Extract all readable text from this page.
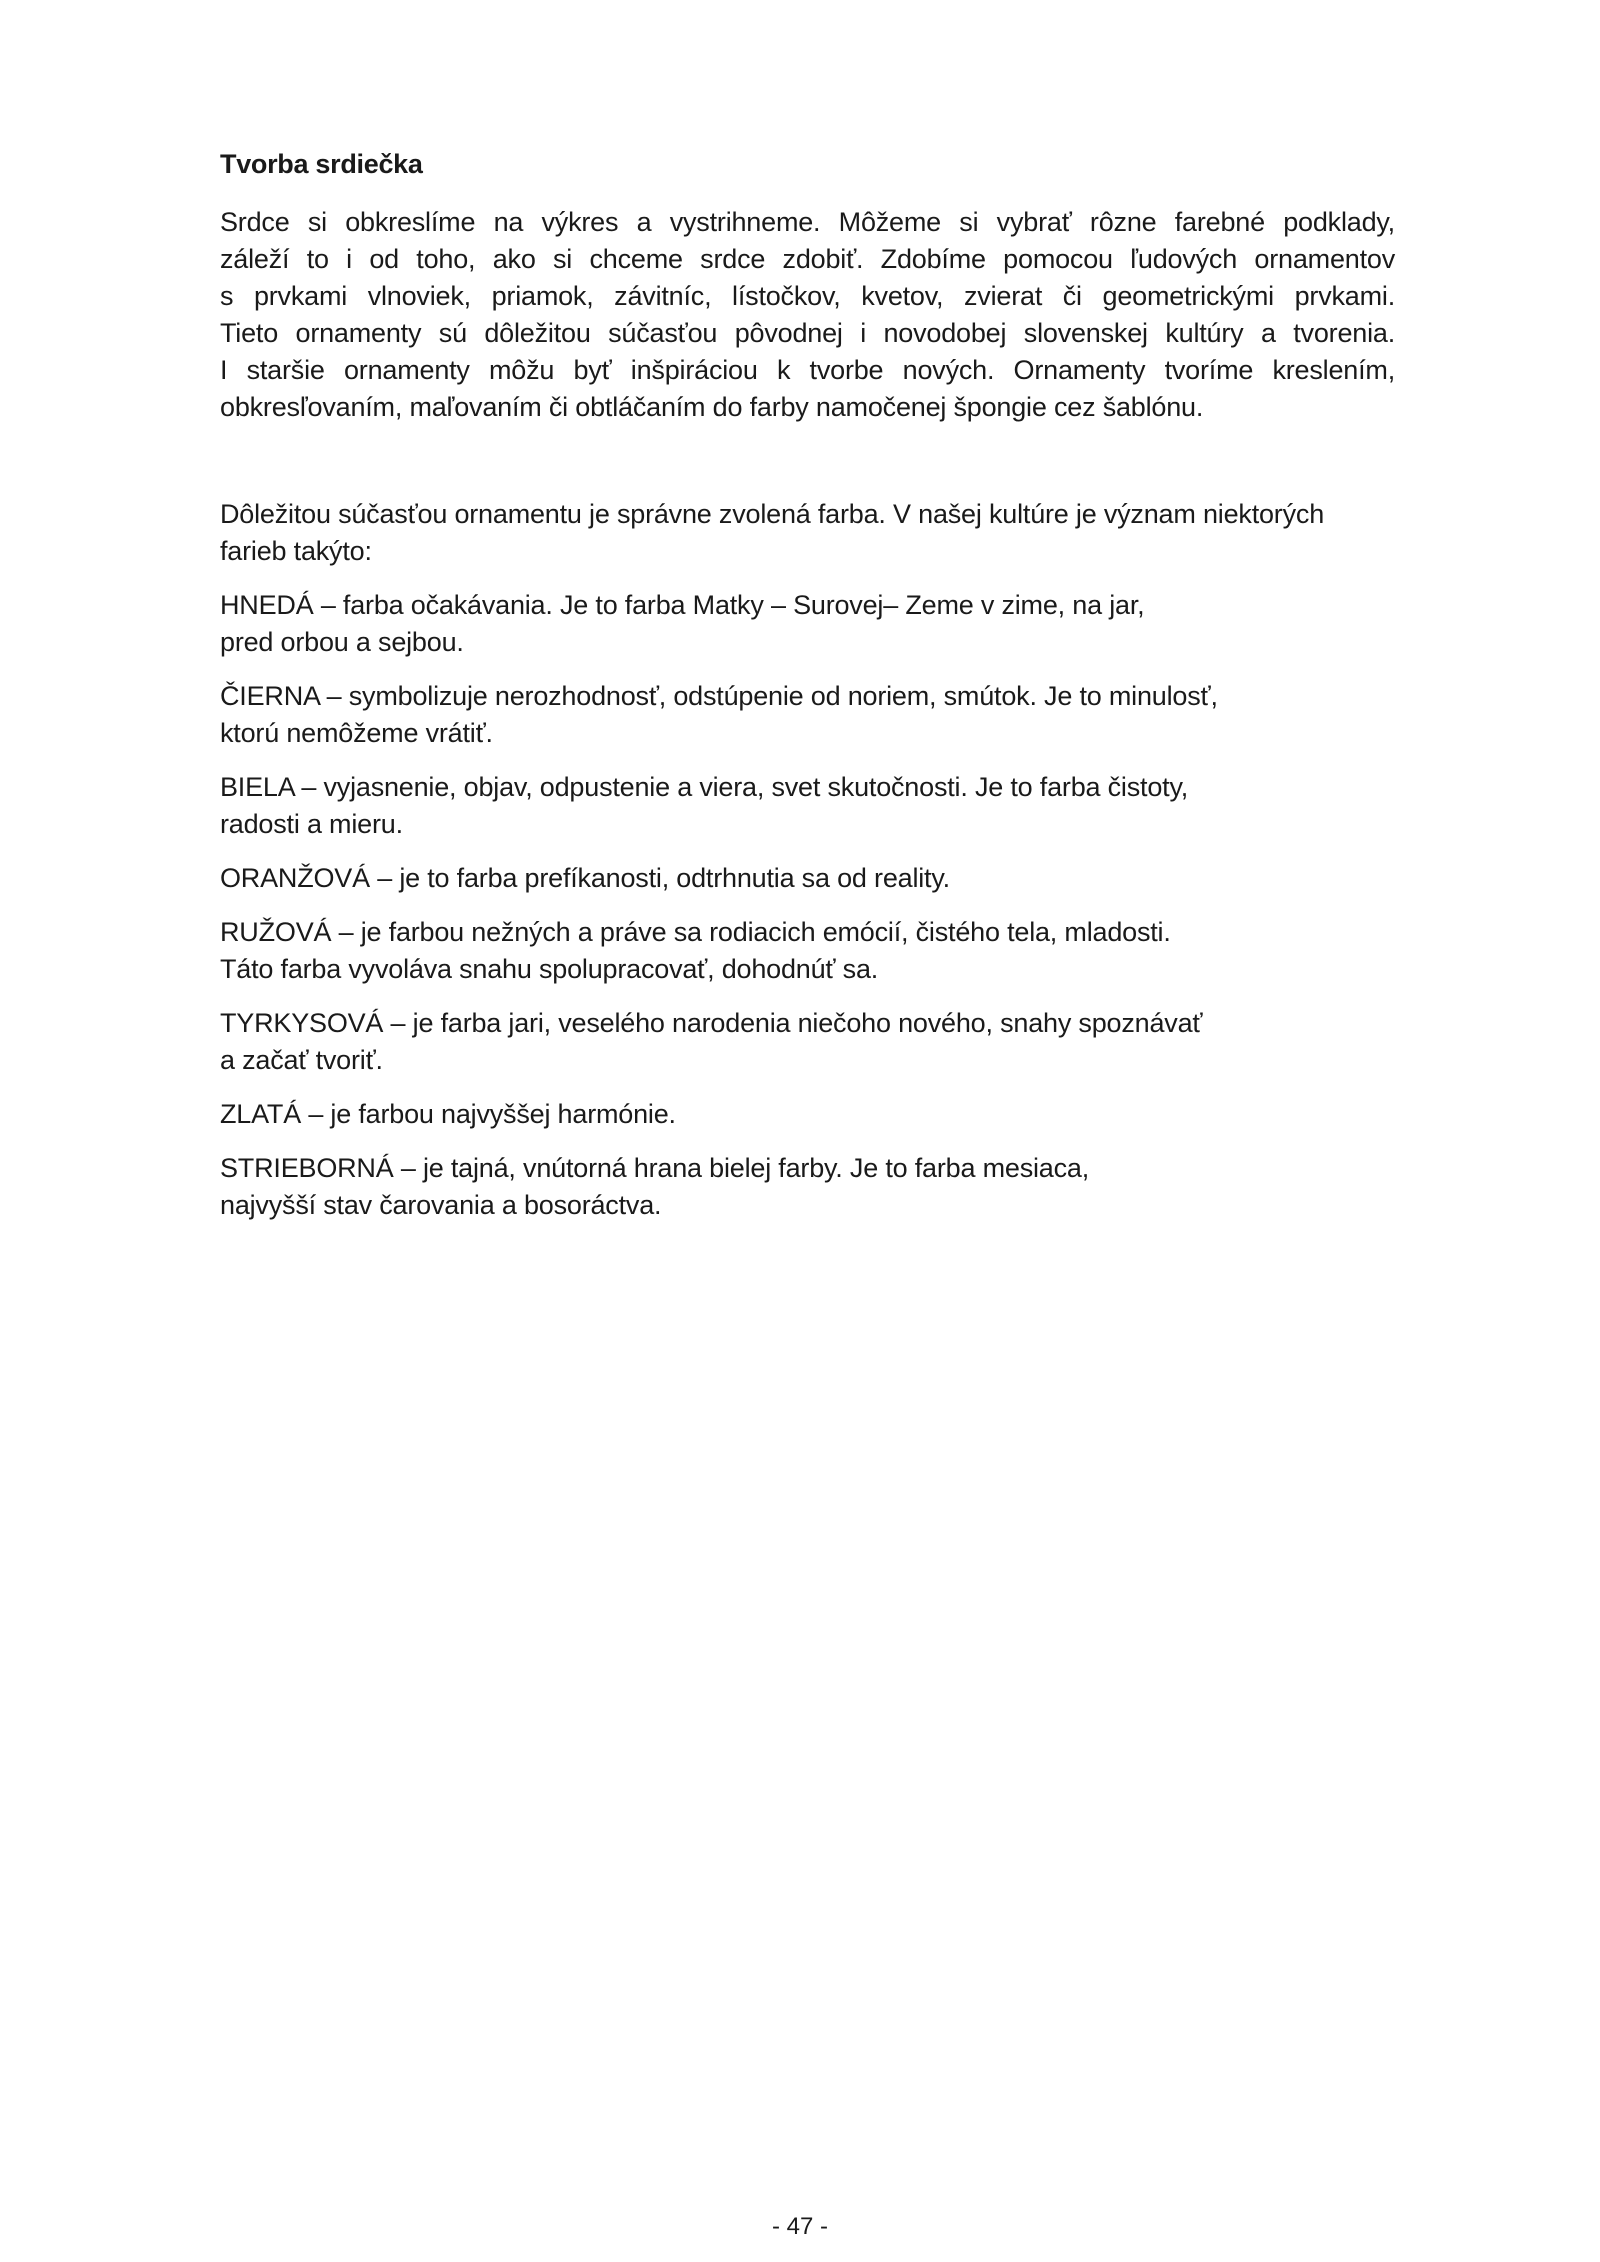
Tvorba srdiečka

Srdce si obkreslíme na výkres a vystrihneme. Môžeme si vybrať rôzne farebné podklady,
záleží to i od toho, ako si chceme srdce zdobiť. Zdobíme pomocou ľudových ornamentov
s prvkami vlnoviek, priamok, závitníc, lístočkov, kvetov, zvierat či geometrickými prvkami.
Tieto ornamenty sú dôležitou súčasťou pôvodnej i novodobej slovenskej kultúry a tvorenia.
I staršie ornamenty môžu byť inšpiráciou k tvorbe nových. Ornamenty tvoríme kreslením,
obkresľovaním, maľovaním či obtláčaním do farby namočenej špongie cez šablónu.

Dôležitou súčasťou ornamentu je správne zvolená farba. V našej kultúre je význam niektorých
farieb takýto:

HNEDÁ – farba očakávania. Je to farba Matky – Surovej– Zeme v zime, na jar,
pred orbou a sejbou.

ČIERNA – symbolizuje nerozhodnosť, odstúpenie od noriem, smútok. Je to minulosť,
ktorú nemôžeme vrátiť.

BIELA – vyjasnenie, objav, odpustenie a viera, svet skutočnosti. Je to farba čistoty,
radosti a mieru.

ORANŽOVÁ – je to farba prefíkanosti, odtrhnutia sa od reality.

RUŽOVÁ – je farbou nežných a práve sa rodiacich emócií, čistého tela, mladosti.
Táto farba vyvoláva snahu spolupracovať, dohodnúť sa.

TYRKYSOVÁ – je farba jari, veselého narodenia niečoho nového, snahy spoznávať
a začať tvoriť.

ZLATÁ – je farbou najvyššej harmónie.

STRIEBORNÁ – je tajná, vnútorná hrana bielej farby. Je to farba mesiaca,
najvyšší stav čarovania a bosoráctva.

- 47 -
